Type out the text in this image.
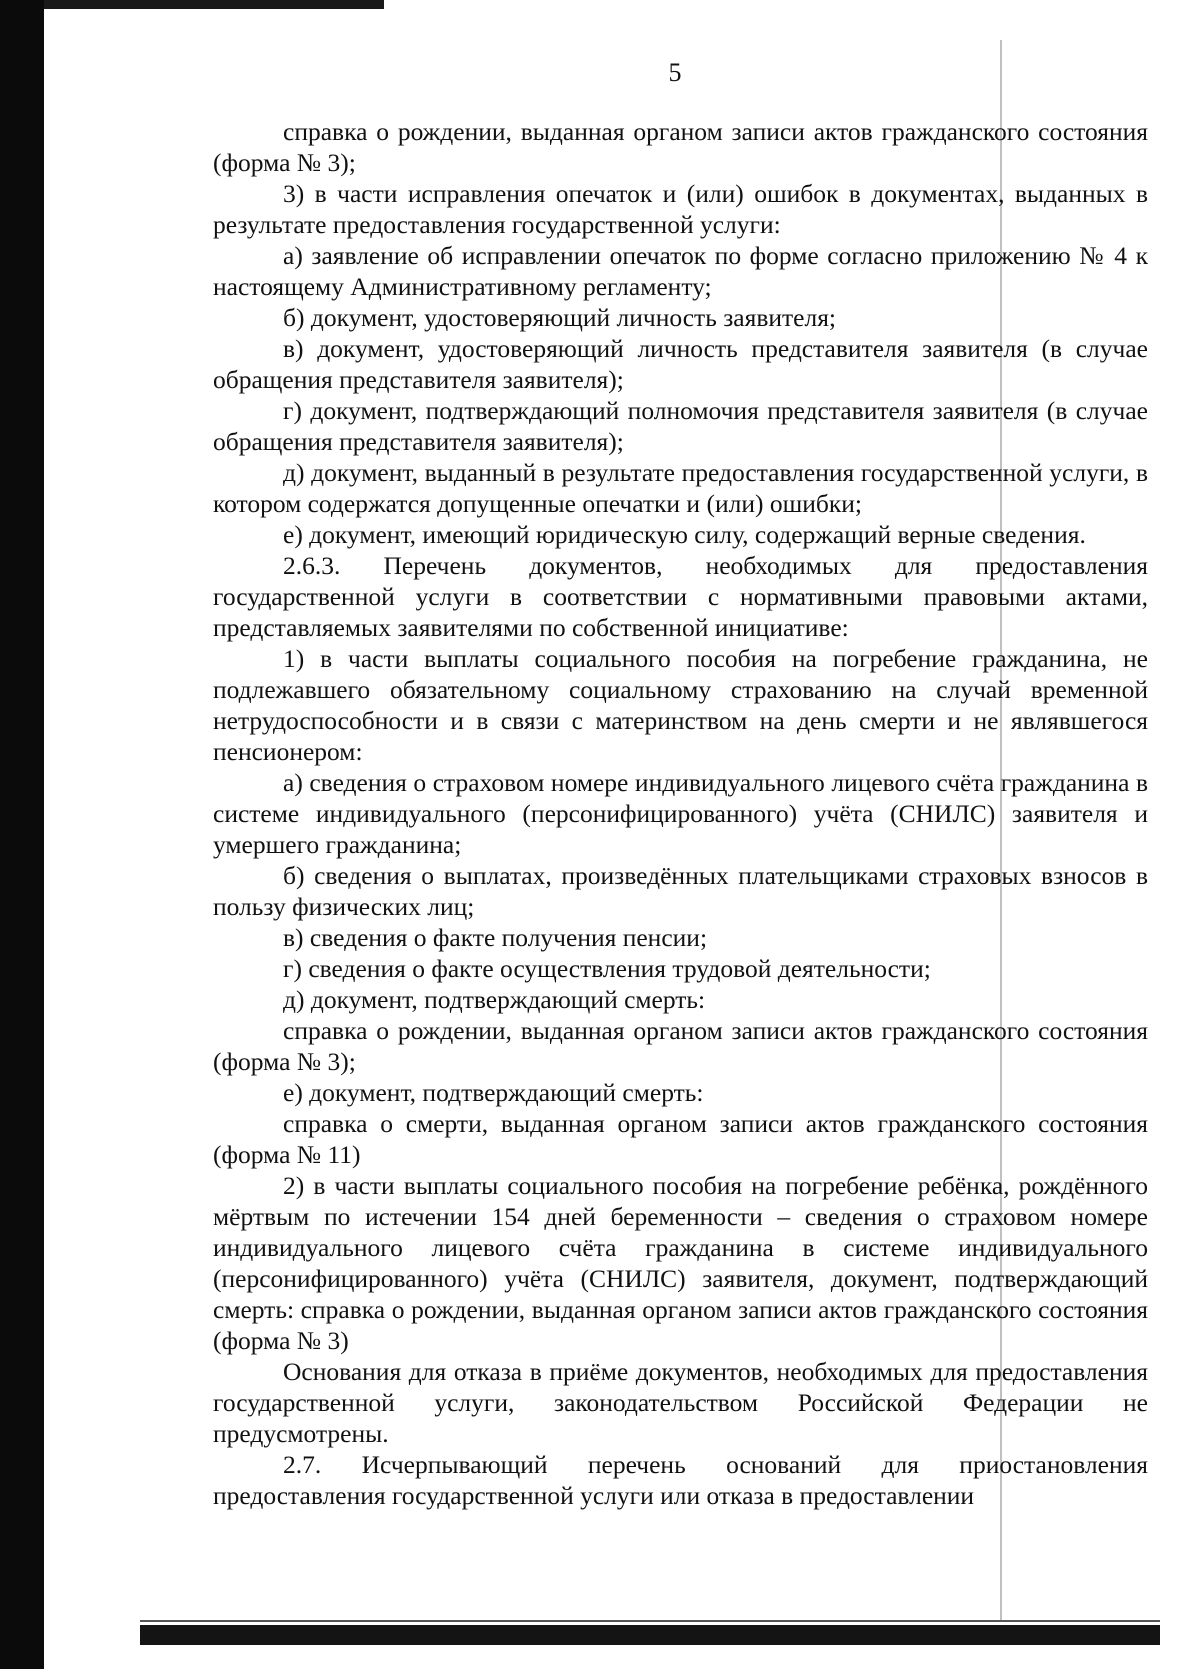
5

справка о рождении, выданная органом записи актов гражданского состояния (форма № 3);

3) в части исправления опечаток и (или) ошибок в документах, выданных в результате предоставления государственной услуги:

а) заявление об исправлении опечаток по форме согласно приложению № 4 к настоящему Административному регламенту;

б) документ, удостоверяющий личность заявителя;

в) документ, удостоверяющий личность представителя заявителя (в случае обращения представителя заявителя);

г) документ, подтверждающий полномочия представителя заявителя (в случае обращения представителя заявителя);

д) документ, выданный в результате предоставления государственной услуги, в котором содержатся допущенные опечатки и (или) ошибки;

е) документ, имеющий юридическую силу, содержащий верные сведения.

2.6.3. Перечень документов, необходимых для предоставления государственной услуги в соответствии с нормативными правовыми актами, представляемых заявителями по собственной инициативе:

1) в части выплаты социального пособия на погребение гражданина, не подлежавшего обязательному социальному страхованию на случай временной нетрудоспособности и в связи с материнством на день смерти и не являвшегося пенсионером:

а) сведения о страховом номере индивидуального лицевого счёта гражданина в системе индивидуального (персонифицированного) учёта (СНИЛС) заявителя и умершего гражданина;

б) сведения о выплатах, произведённых плательщиками страховых взносов в пользу физических лиц;

в) сведения о факте получения пенсии;

г) сведения о факте осуществления трудовой деятельности;

д) документ, подтверждающий смерть:

справка о рождении, выданная органом записи актов гражданского состояния (форма № 3);

е) документ, подтверждающий смерть:

справка о смерти, выданная органом записи актов гражданского состояния (форма № 11)

2) в части выплаты социального пособия на погребение ребёнка, рождённого мёртвым по истечении 154 дней беременности – сведения о страховом номере индивидуального лицевого счёта гражданина в системе индивидуального (персонифицированного) учёта (СНИЛС) заявителя, документ, подтверждающий смерть: справка о рождении, выданная органом записи актов гражданского состояния (форма № 3)

Основания для отказа в приёме документов, необходимых для предоставления государственной услуги, законодательством Российской Федерации не предусмотрены.

2.7. Исчерпывающий перечень оснований для приостановления предоставления государственной услуги или отказа в предоставлении
